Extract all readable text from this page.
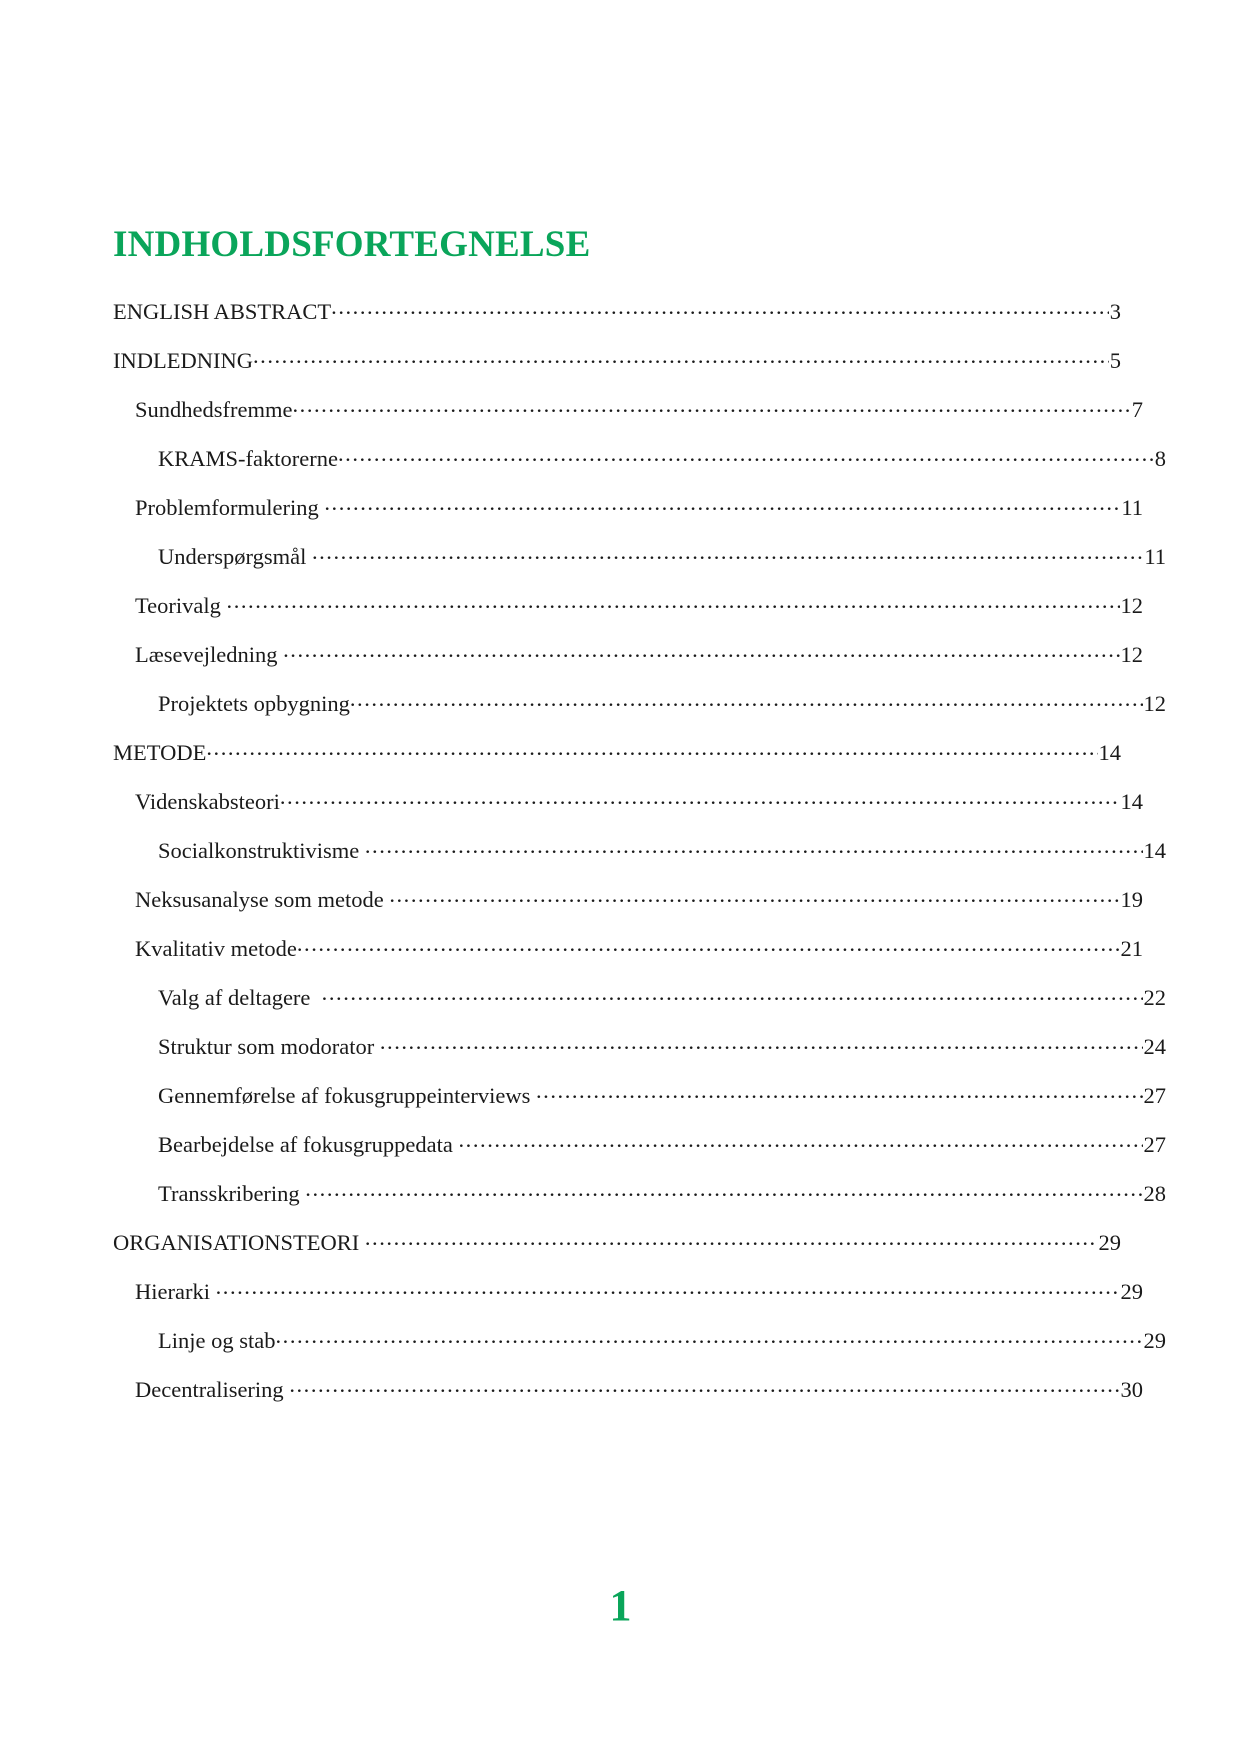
INDHOLDSFORTEGNELSE
ENGLISH ABSTRACT .....	3
INDLEDNING .....	5
Sundhedsfremme .....	7
KRAMS-faktorerne .....	8
Problemformulering .....	11
Underspørgsmål .....	11
Teorivalg .....	12
Læsevejledning .....	12
Projektets opbygning .....	12
METODE .....	14
Videnskabsteori .....	14
Socialkonstruktivisme .....	14
Neksusanalyse som metode .....	19
Kvalitativ metode .....	21
Valg af deltagere .....	22
Struktur som modorator .....	24
Gennemførelse af fokusgruppeinterviews .....	27
Bearbejdelse af fokusgruppedata .....	27
Transskribering .....	28
ORGANISATIONSTEORI .....	29
Hierarki .....	29
Linje og stab .....	29
Decentralisering .....	30
1
